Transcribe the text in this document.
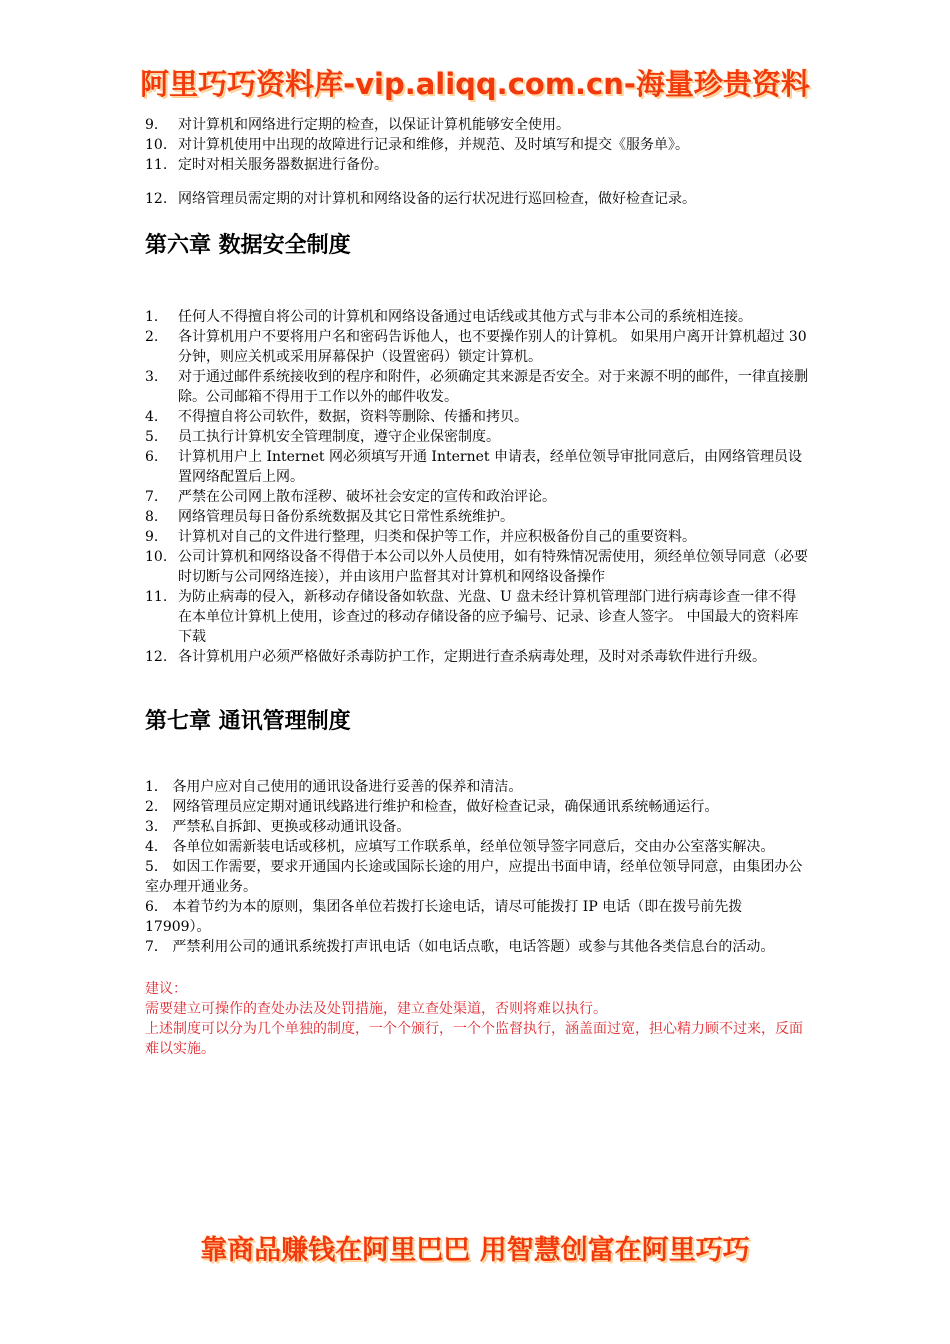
阿里巧巧资料库-vip.aliqq.com.cn-海量珍贵资料
9. 对计算机和网络进行定期的检查，以保证计算机能够安全使用。
10. 对计算机使用中出现的故障进行记录和维修，并规范、及时填写和提交《服务单》。
11. 定时对相关服务器数据进行备份。
12. 网络管理员需定期的对计算机和网络设备的运行状况进行巡回检查，做好检查记录。
第六章 数据安全制度
1. 任何人不得擅自将公司的计算机和网络设备通过电话线或其他方式与非本公司的系统相连接。
2. 各计算机用户不要将用户名和密码告诉他人，也不要操作别人的计算机。 如果用户离开计算机超过 30 分钟，则应关机或采用屏幕保护（设置密码）锁定计算机。
3. 对于通过邮件系统接收到的程序和附件，必须确定其来源是否安全。对于来源不明的邮件，一律直接删除。公司邮箱不得用于工作以外的邮件收发。
4. 不得擅自将公司软件，数据，资料等删除、传播和拷贝。
5. 员工执行计算机安全管理制度，遵守企业保密制度。
6. 计算机用户上 Internet 网必须填写开通 Internet 申请表，经单位领导审批同意后，由网络管理员设置网络配置后上网。
7. 严禁在公司网上散布淫秽、破坏社会安定的宣传和政治评论。
8. 网络管理员每日备份系统数据及其它日常性系统维护。
9. 计算机对自己的文件进行整理，归类和保护等工作，并应积极备份自己的重要资料。
10. 公司计算机和网络设备不得借于本公司以外人员使用，如有特殊情况需使用，须经单位领导同意（必要时切断与公司网络连接），并由该用户监督其对计算机和网络设备操作
11. 为防止病毒的侵入，新移动存储设备如软盘、光盘、U 盘未经计算机管理部门进行病毒诊查一律不得在本单位计算机上使用，诊查过的移动存储设备的应予编号、记录、诊查人签字。 中国最大的资料库下载
12. 各计算机用户必须严格做好杀毒防护工作，定期进行查杀病毒处理，及时对杀毒软件进行升级。
第七章 通讯管理制度

1． 各用户应对自己使用的通讯设备进行妥善的保养和清洁。

2． 网络管理员应定期对通讯线路进行维护和检查，做好检查记录，确保通讯系统畅通运行。

3． 严禁私自拆卸、更换或移动通讯设备。

4． 各单位如需新装电话或移机，应填写工作联系单，经单位领导签字同意后，交由办公室落实解决。

5． 如因工作需要，要求开通国内长途或国际长途的用户，应提出书面申请，经单位领导同意，由集团办公室办理开通业务。

6． 本着节约为本的原则，集团各单位若拨打长途电话，请尽可能拨打 IP 电话（即在拨号前先拨 17909）。

7． 严禁利用公司的通讯系统拨打声讯电话（如电话点歌，电话答题）或参与其他各类信息台的活动。

建议：

需要建立可操作的查处办法及处罚措施，建立查处渠道，否则将难以执行。

上述制度可以分为几个单独的制度，一个个颁行，一个个监督执行，涵盖面过宽，担心精力顾不过来，反面难以实施。

靠商品赚钱在阿里巴巴 用智慧创富在阿里巧巧
